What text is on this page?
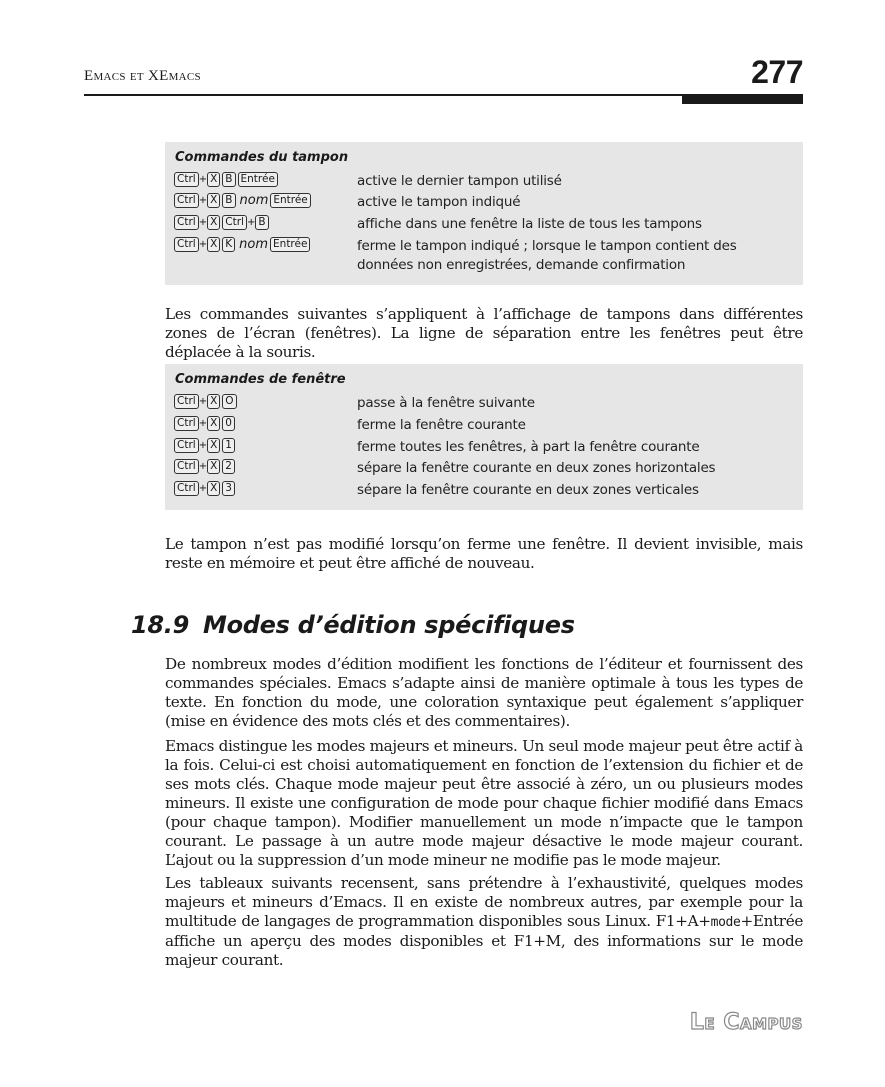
Emacs et XEmacs	277
Commandes du tampon
Ctrl + X B Entrée	active le dernier tampon utilisé
Ctrl + X B nom Entrée	active le tampon indiqué
Ctrl + X Ctrl + B	affiche dans une fenêtre la liste de tous les tampons
Ctrl + X K nom Entrée	ferme le tampon indiqué ; lorsque le tampon contient des données non enregistrées, demande confirmation
Les commandes suivantes s’appliquent à l’affichage de tampons dans différentes zones de l’écran (fenêtres). La ligne de séparation entre les fenêtres peut être déplacée à la souris.
Commandes de fenêtre
Ctrl + X O	passe à la fenêtre suivante
Ctrl + X 0	ferme la fenêtre courante
Ctrl + X 1	ferme toutes les fenêtres, à part la fenêtre courante
Ctrl + X 2	sépare la fenêtre courante en deux zones horizontales
Ctrl + X 3	sépare la fenêtre courante en deux zones verticales
Le tampon n’est pas modifié lorsqu’on ferme une fenêtre. Il devient invisible, mais reste en mémoire et peut être affiché de nouveau.
18.9 Modes d’édition spécifiques
De nombreux modes d’édition modifient les fonctions de l’éditeur et fournissent des commandes spéciales. Emacs s’adapte ainsi de manière optimale à tous les types de texte. En fonction du mode, une coloration syntaxique peut également s’appliquer (mise en évidence des mots clés et des commentaires).
Emacs distingue les modes majeurs et mineurs. Un seul mode majeur peut être actif à la fois. Celui-ci est choisi automatiquement en fonction de l’extension du fichier et de ses mots clés. Chaque mode majeur peut être associé à zéro, un ou plusieurs modes mineurs. Il existe une configuration de mode pour chaque fichier modifié dans Emacs (pour chaque tampon). Modifier manuellement un mode n’impacte que le tampon courant. Le passage à un autre mode majeur désactive le mode majeur courant. L’ajout ou la suppression d’un mode mineur ne modifie pas le mode majeur.
Les tableaux suivants recensent, sans prétendre à l’exhaustivité, quelques modes majeurs et mineurs d’Emacs. Il en existe de nombreux autres, par exemple pour la multitude de langages de programmation disponibles sous Linux. F1+A+mode+Entrée affiche un aperçu des modes disponibles et F1+M, des informations sur le mode majeur courant.
Le Campus
